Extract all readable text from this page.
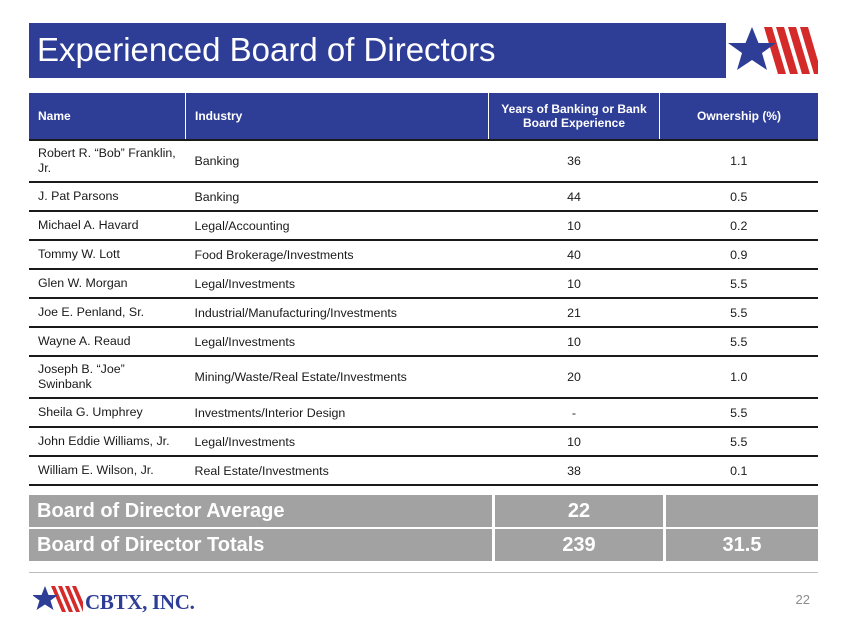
Experienced Board of Directors
Name	Industry	Years of Banking or Bank Board Experience	Ownership (%)
Robert R. “Bob” Franklin, Jr.	Banking	36	1.1
J. Pat Parsons	Banking	44	0.5
Michael A. Havard	Legal/Accounting	10	0.2
Tommy W. Lott	Food Brokerage/Investments	40	0.9
Glen W. Morgan	Legal/Investments	10	5.5
Joe E. Penland, Sr.	Industrial/Manufacturing/Investments	21	5.5
Wayne A. Reaud	Legal/Investments	10	5.5
Joseph B. “Joe” Swinbank	Mining/Waste/Real Estate/Investments	20	1.0
Sheila G. Umphrey	Investments/Interior Design	-	5.5
John Eddie Williams, Jr.	Legal/Investments	10	5.5
William E. Wilson, Jr.	Real Estate/Investments	38	0.1
Board of Director Average	22
Board of Director Totals	239	31.5
CBTX, INC.	22
